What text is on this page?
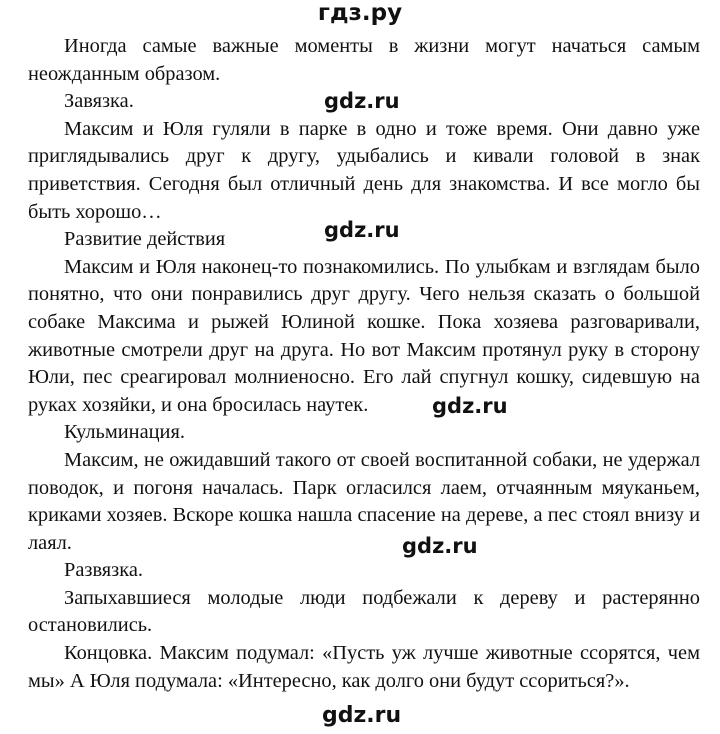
гдз.ру

Иногда самые важные моменты в жизни могут начаться самым неожданным образом.

Завязка.

Максим и Юля гуляли в парке в одно и тоже время. Они давно уже приглядывались друг к другу, удыбались и кивали головой в знак приветствия. Сегодня был отличный день для знакомства. И все могло бы быть хорошо…

Развитие действия

Максим и Юля наконец-то познакомились. По улыбкам и взглядам было понятно, что они понравились друг другу. Чего нельзя сказать о большой собаке Максима и рыжей Юлиной кошке. Пока хозяева разговаривали, животные смотрели друг на друга. Но вот Максим протянул руку в сторону Юли, пес среагировал молниеносно. Его лай спугнул кошку, сидевшую на руках хозяйки, и она бросилась наутек.

Кульминация.

Максим, не ожидавший такого от своей воспитанной собаки, не удержал поводок, и погоня началась. Парк огласился лаем, отчаянным мяуканьем, криками хозяев. Вскоре кошка нашла спасение на дереве, а пес стоял внизу и лаял.

Развязка.

Запыхавшиеся молодые люди подбежали к дереву и растерянно остановились.

Концовка. Максим подумал: «Пусть уж лучше животные ссорятся, чем мы» А Юля подумала: «Интересно, как долго они будут ссориться?».

gdz.ru
gdz.ru
gdz.ru
gdz.ru
gdz.ru
